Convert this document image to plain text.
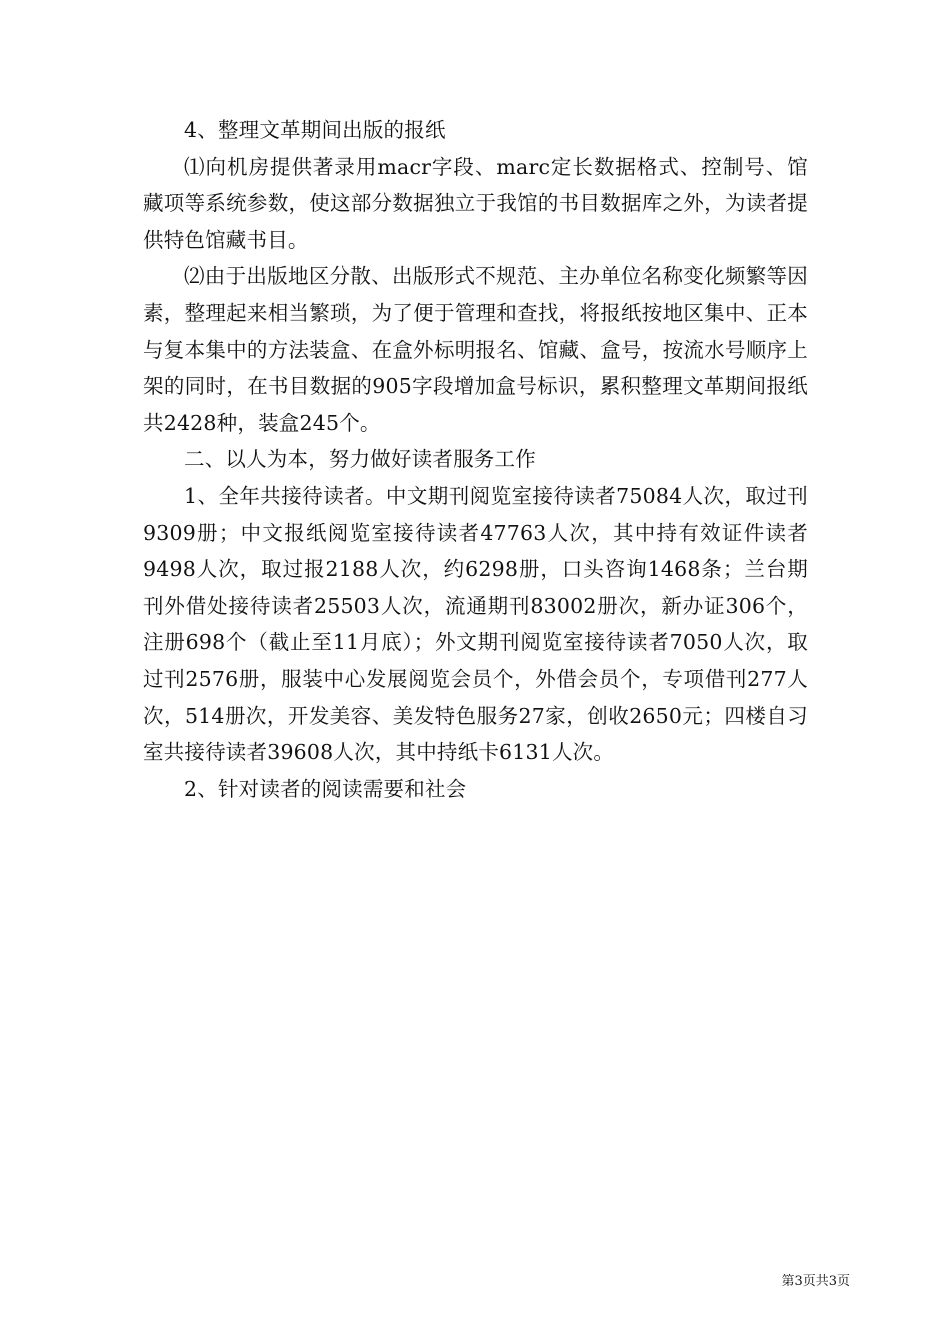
4、整理文革期间出版的报纸

⑴向机房提供著录用macr字段、marc定长数据格式、控制号、馆藏项等系统参数，使这部分数据独立于我馆的书目数据库之外，为读者提供特色馆藏书目。

⑵由于出版地区分散、出版形式不规范、主办单位名称变化频繁等因素，整理起来相当繁琐，为了便于管理和查找，将报纸按地区集中、正本与复本集中的方法装盒、在盒外标明报名、馆藏、盒号，按流水号顺序上架的同时，在书目数据的905字段增加盒号标识，累积整理文革期间报纸共2428种，装盒245个。

二、以人为本，努力做好读者服务工作

1、全年共接待读者。中文期刊阅览室接待读者75084人次，取过刊9309册；中文报纸阅览室接待读者47763人次，其中持有效证件读者9498人次，取过报2188人次，约6298册，口头咨询1468条；兰台期刊外借处接待读者25503人次，流通期刊83002册次，新办证306个，注册698个（截止至11月底）；外文期刊阅览室接待读者7050人次，取过刊2576册，服装中心发展阅览会员个，外借会员个，专项借刊277人次，514册次，开发美容、美发特色服务27家，创收2650元；四楼自习室共接待读者39608人次，其中持纸卡6131人次。

2、针对读者的阅读需要和社会

第3页共3页
